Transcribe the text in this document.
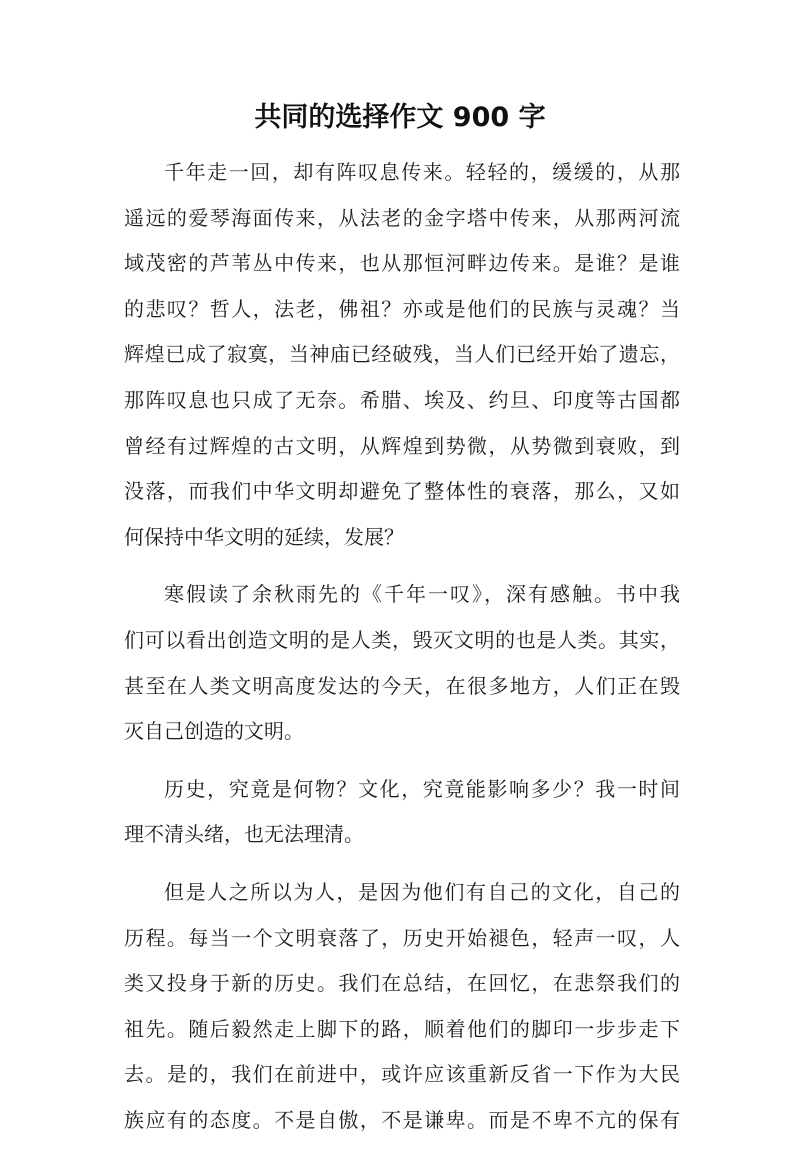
共同的选择作文 900 字

千年走一回，却有阵叹息传来。轻轻的，缓缓的，从那
遥远的爱琴海面传来，从法老的金字塔中传来，从那两河流
域茂密的芦苇丛中传来，也从那恒河畔边传来。是谁？是谁
的悲叹？哲人，法老，佛祖？亦或是他们的民族与灵魂？当
辉煌已成了寂寞，当神庙已经破残，当人们已经开始了遗忘，
那阵叹息也只成了无奈。希腊、埃及、约旦、印度等古国都
曾经有过辉煌的古文明，从辉煌到势微，从势微到衰败，到
没落，而我们中华文明却避免了整体性的衰落，那么，又如
何保持中华文明的延续，发展？

寒假读了余秋雨先的《千年一叹》，深有感触。书中我
们可以看出创造文明的是人类，毁灭文明的也是人类。其实，
甚至在人类文明高度发达的今天，在很多地方，人们正在毁
灭自己创造的文明。

历史，究竟是何物？文化，究竟能影响多少？我一时间
理不清头绪，也无法理清。

但是人之所以为人，是因为他们有自己的文化，自己的
历程。每当一个文明衰落了，历史开始褪色，轻声一叹，人
类又投身于新的历史。我们在总结，在回忆，在悲祭我们的
祖先。随后毅然走上脚下的路，顺着他们的脚印一步步走下
去。是的，我们在前进中，或许应该重新反省一下作为大民
族应有的态度。不是自傲，不是谦卑。而是不卑不亢的保有
